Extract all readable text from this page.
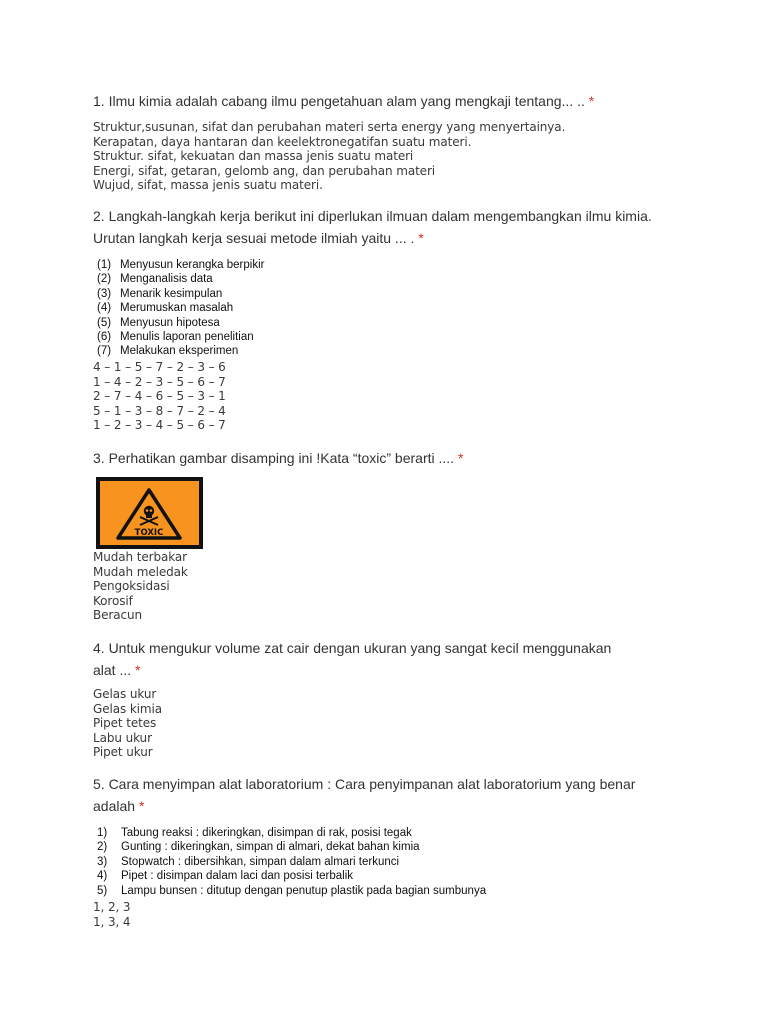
1. Ilmu kimia adalah cabang ilmu pengetahuan alam yang mengkaji tentang... .. *
Struktur,susunan, sifat dan perubahan materi serta energy yang menyertainya.
Kerapatan, daya hantaran dan keelektronegatifan suatu materi.
Struktur. sifat, kekuatan dan massa jenis suatu materi
Energi, sifat, getaran, gelomb ang, dan perubahan materi
Wujud, sifat, massa jenis suatu materi.
2. Langkah-langkah kerja berikut ini diperlukan ilmuan dalam mengembangkan ilmu kimia. Urutan langkah kerja sesuai metode ilmiah yaitu ... . *
(1) Menyusun kerangka berpikir
(2) Menganalisis data
(3) Menarik kesimpulan
(4) Merumuskan masalah
(5) Menyusun hipotesa
(6) Menulis laporan penelitian
(7) Melakukan eksperimen
4 – 1 – 5 – 7 – 2 – 3 – 6
1 – 4 – 2 – 3 – 5 – 6 – 7
2 – 7 – 4 – 6 – 5 – 3 – 1
5 – 1 – 3 – 8 – 7 – 2 – 4
1 – 2 – 3 – 4 – 5 – 6 – 7
3. Perhatikan gambar disamping ini !Kata “toxic” berarti .... *
TOXIC
Mudah terbakar
Mudah meledak
Pengoksidasi
Korosif
Beracun
4. Untuk mengukur volume zat cair dengan ukuran yang sangat kecil menggunakan alat ... *
Gelas ukur
Gelas kimia
Pipet tetes
Labu ukur
Pipet ukur
5. Cara menyimpan alat laboratorium : Cara penyimpanan alat laboratorium yang benar adalah *
1) Tabung reaksi : dikeringkan, disimpan di rak, posisi tegak
2) Gunting : dikeringkan, simpan di almari, dekat bahan kimia
3) Stopwatch : dibersihkan, simpan dalam almari terkunci
4) Pipet : disimpan dalam laci dan posisi terbalik
5) Lampu bunsen : ditutup dengan penutup plastik pada bagian sumbunya
1, 2, 3
1, 3, 4
